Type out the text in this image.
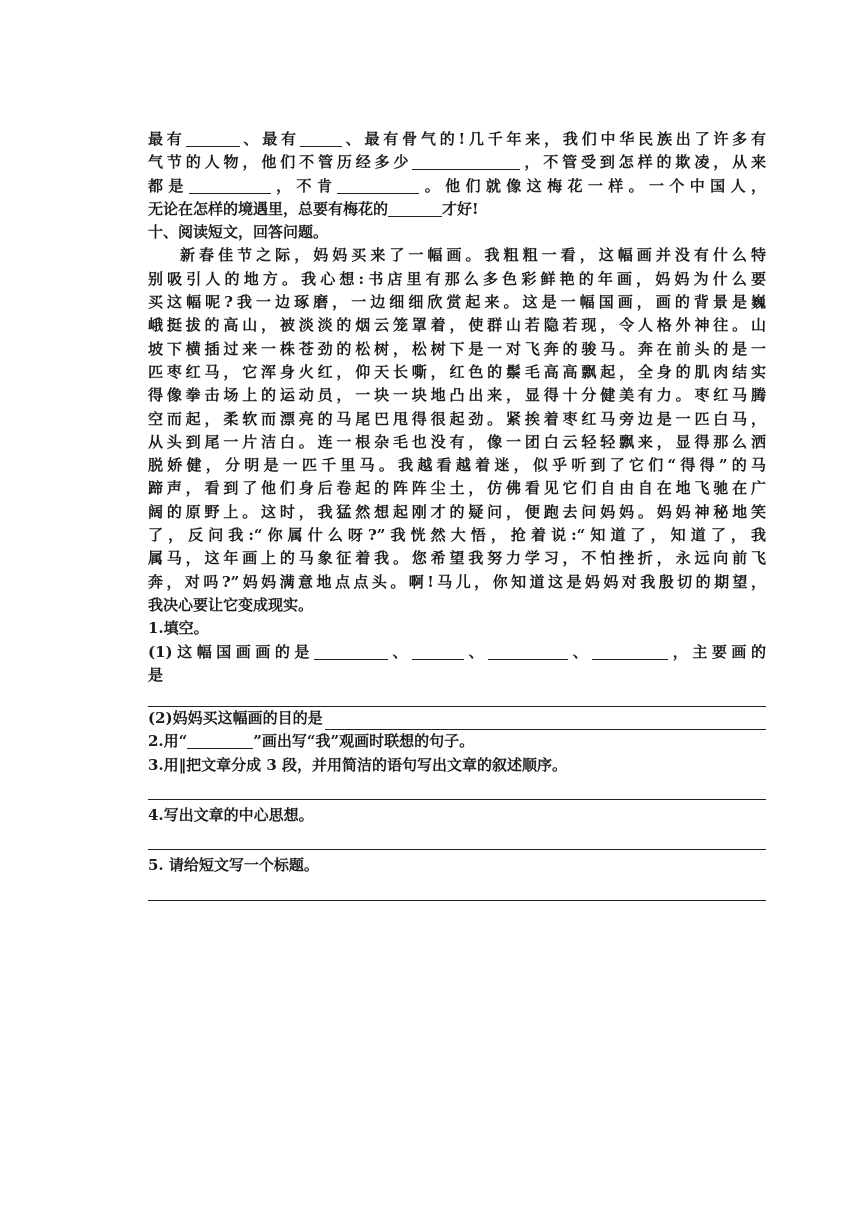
最有	、最有	、最有骨气的!几千年来，我们中华民族出了许多有

气节的人物，他们不管历经多少	，不管受到怎样的欺凌，从来

都是	，不肯	。他们就像这梅花一样。一个中国人，

无论在怎样的境遇里，总要有梅花的	才好!

十、阅读短文，回答问题。

新春佳节之际，妈妈买来了一幅画。我粗粗一看，这幅画并没有什么特

别吸引人的地方。我心想:书店里有那么多色彩鲜艳的年画，妈妈为什么要

买这幅呢?我一边琢磨，一边细细欣赏起来。这是一幅国画，画的背景是巍

峨挺拔的高山，被淡淡的烟云笼罩着，使群山若隐若现，令人格外神往。山

坡下横插过来一株苍劲的松树，松树下是一对飞奔的骏马。奔在前头的是一

匹枣红马，它浑身火红，仰天长嘶，红色的鬃毛高高飘起，全身的肌肉结实

得像拳击场上的运动员，一块一块地凸出来，显得十分健美有力。枣红马腾

空而起，柔软而漂亮的马尾巴甩得很起劲。紧挨着枣红马旁边是一匹白马，

从头到尾一片洁白。连一根杂毛也没有，像一团白云轻轻飘来，显得那么洒

脱娇健，分明是一匹千里马。我越看越着迷，似乎听到了它们“得得”的马

蹄声，看到了他们身后卷起的阵阵尘土，仿佛看见它们自由自在地飞驰在广

阔的原野上。这时，我猛然想起刚才的疑问，便跑去问妈妈。妈妈神秘地笑

了，反问我:“你属什么呀?”我恍然大悟，抢着说:“知道了，知道了，我

属马，这年画上的马象征着我。您希望我努力学习，不怕挫折，永远向前飞

奔，对吗?”妈妈满意地点点头。啊!马儿，你知道这是妈妈对我殷切的期望，

我决心要让它变成现实。

1.填空。

(1)这幅国画画的是	、	、	、	，主要画的

是

(2)妈妈买这幅画的目的是

2.用“	”画出写“我”观画时联想的句子。

3.用‖把文章分成 3 段，并用简洁的语句写出文章的叙述顺序。

4.写出文章的中心思想。

5. 请给短文写一个标题。
